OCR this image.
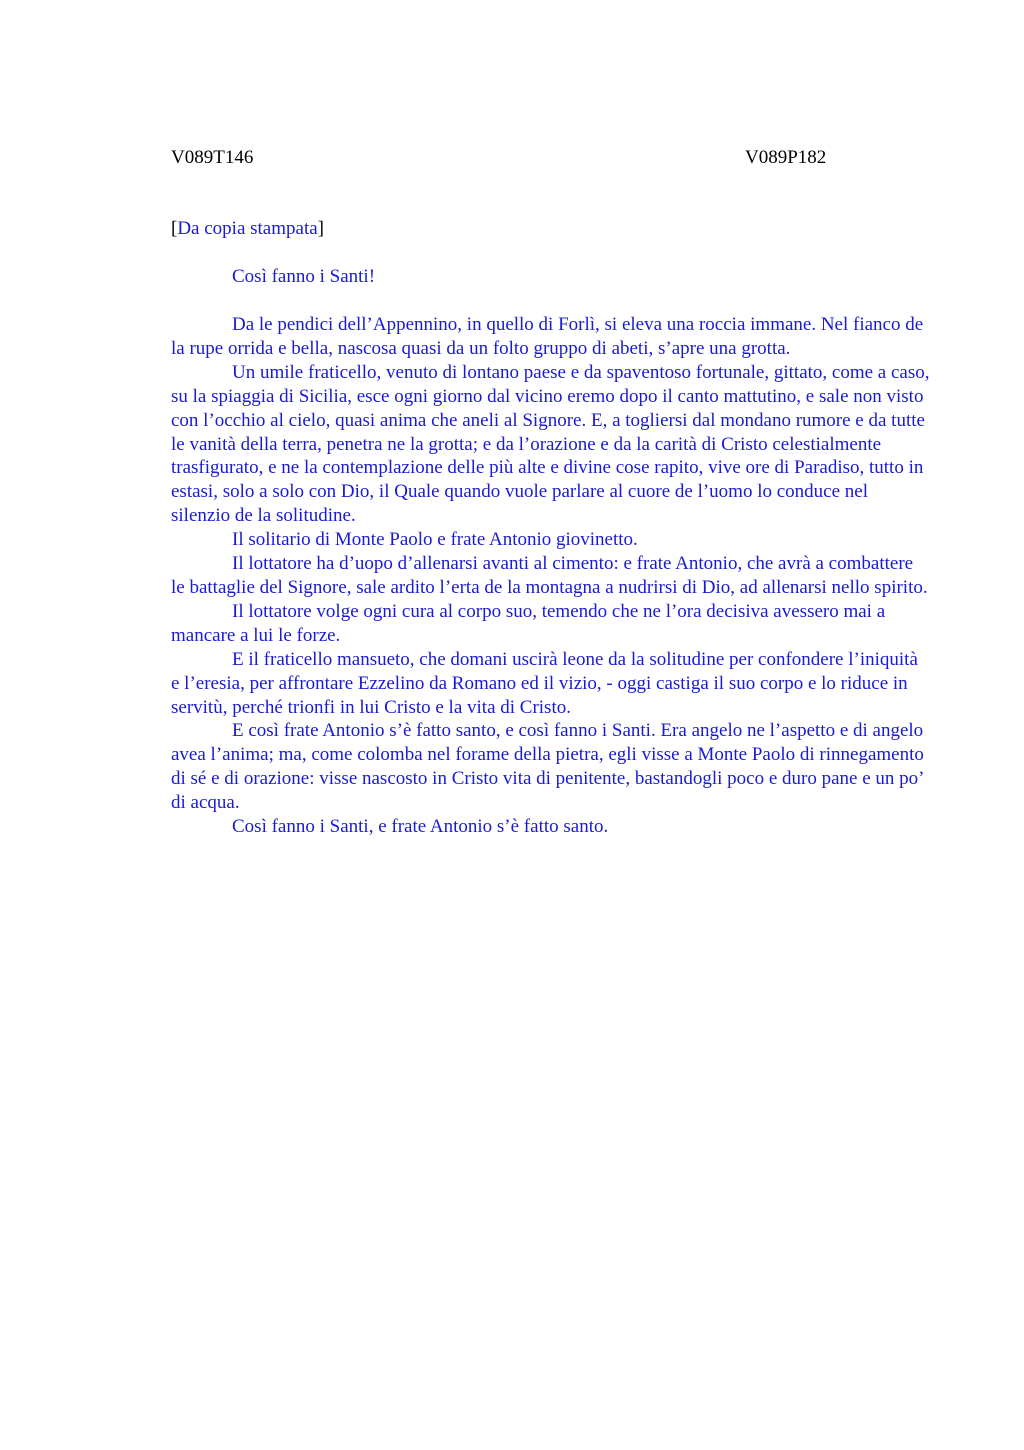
V089T146	V089P182
[Da copia stampata]
Così fanno i Santi!

Da le pendici dell’Appennino, in quello di Forlì, si eleva una roccia immane. Nel fianco de la rupe orrida e bella, nascosa quasi da un folto gruppo di abeti, s’apre una grotta.

Un umile fraticello, venuto di lontano paese e da spaventoso fortunale, gittato, come a caso, su la spiaggia di Sicilia, esce ogni giorno dal vicino eremo dopo il canto mattutino, e sale non visto con l’occhio al cielo, quasi anima che aneli al Signore. E, a togliersi dal mondano rumore e da tutte le vanità della terra, penetra ne la grotta; e da l’orazione e da la carità di Cristo celestialmente trasfigurato, e ne la contemplazione delle più alte e divine cose rapito, vive ore di Paradiso, tutto in estasi, solo a solo con Dio, il Quale quando vuole parlare al cuore de l’uomo lo conduce nel silenzio de la solitudine.

Il solitario di Monte Paolo e frate Antonio giovinetto.

Il lottatore ha d’uopo d’allenarsi avanti al cimento: e frate Antonio, che avrà a combattere le battaglie del Signore, sale ardito l’erta de la montagna a nudrirsi di Dio, ad allenarsi nello spirito.

Il lottatore volge ogni cura al corpo suo, temendo che ne l’ora decisiva avessero mai a mancare a lui le forze.

E il fraticello mansueto, che domani uscirà leone da la solitudine per confondere l’iniquità e l’eresia, per affrontare Ezzelino da Romano ed il vizio, - oggi castiga il suo corpo e lo riduce in servitù, perché trionfi in lui Cristo e la vita di Cristo.

E così frate Antonio s’è fatto santo, e così fanno i Santi. Era angelo ne l’aspetto e di angelo avea l’anima; ma, come colomba nel forame della pietra, egli visse a Monte Paolo di rinnegamento di sé e di orazione: visse nascosto in Cristo vita di penitente, bastandogli poco e duro pane e un po’ di acqua.

Così fanno i Santi, e frate Antonio s’è fatto santo.
